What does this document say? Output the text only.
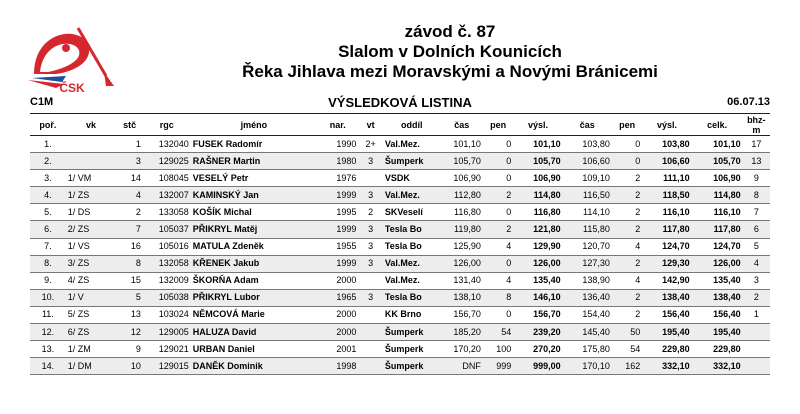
ČSK
závod č. 87
Slalom v Dolních Kounicích
Řeka Jihlava mezi Moravskými a Novými Bránicemi
C1M	VÝSLEDKOVÁ LISTINA	06.07.13
poř.	vk	stč	rgc	jméno	nar.	vt	oddíl	čas	pen	výsl.	čas	pen	výsl.	celk.	bhz-m
1.		1	132040	FUSEK Radomír	1990	2+	Val.Mez.	101,10	0	101,10	103,80	0	103,80	101,10	17
2.		3	129025	RAŠNER Martin	1980	3	Šumperk	105,70	0	105,70	106,60	0	106,60	105,70	13
3.	1/ VM	14	108045	VESELÝ Petr	1976		VSDK	106,90	0	106,90	109,10	2	111,10	106,90	9
4.	1/ ZS	4	132007	KAMINSKÝ Jan	1999	3	Val.Mez.	112,80	2	114,80	116,50	2	118,50	114,80	8
5.	1/ DS	2	133058	KOŠÍK Michal	1995	2	SKVeselí	116,80	0	116,80	114,10	2	116,10	116,10	7
6.	2/ ZS	7	105037	PŘIKRYL Matěj	1999	3	Tesla Bo	119,80	2	121,80	115,80	2	117,80	117,80	6
7.	1/ VS	16	105016	MATULA Zdeněk	1955	3	Tesla Bo	125,90	4	129,90	120,70	4	124,70	124,70	5
8.	3/ ZS	8	132058	KŘENEK Jakub	1999	3	Val.Mez.	126,00	0	126,00	127,30	2	129,30	126,00	4
9.	4/ ZS	15	132009	ŠKORŇA Adam	2000		Val.Mez.	131,40	4	135,40	138,90	4	142,90	135,40	3
10.	1/ V	5	105038	PŘIKRYL Lubor	1965	3	Tesla Bo	138,10	8	146,10	136,40	2	138,40	138,40	2
11.	5/ ZS	13	103024	NĚMCOVÁ Marie	2000		KK Brno	156,70	0	156,70	154,40	2	156,40	156,40	1
12.	6/ ZS	12	129005	HALUZA David	2000		Šumperk	185,20	54	239,20	145,40	50	195,40	195,40	
13.	1/ ZM	9	129021	URBAN Daniel	2001		Šumperk	170,20	100	270,20	175,80	54	229,80	229,80	
14.	1/ DM	10	129015	DANĚK Dominik	1998		Šumperk	DNF	999	999,00	170,10	162	332,10	332,10	
